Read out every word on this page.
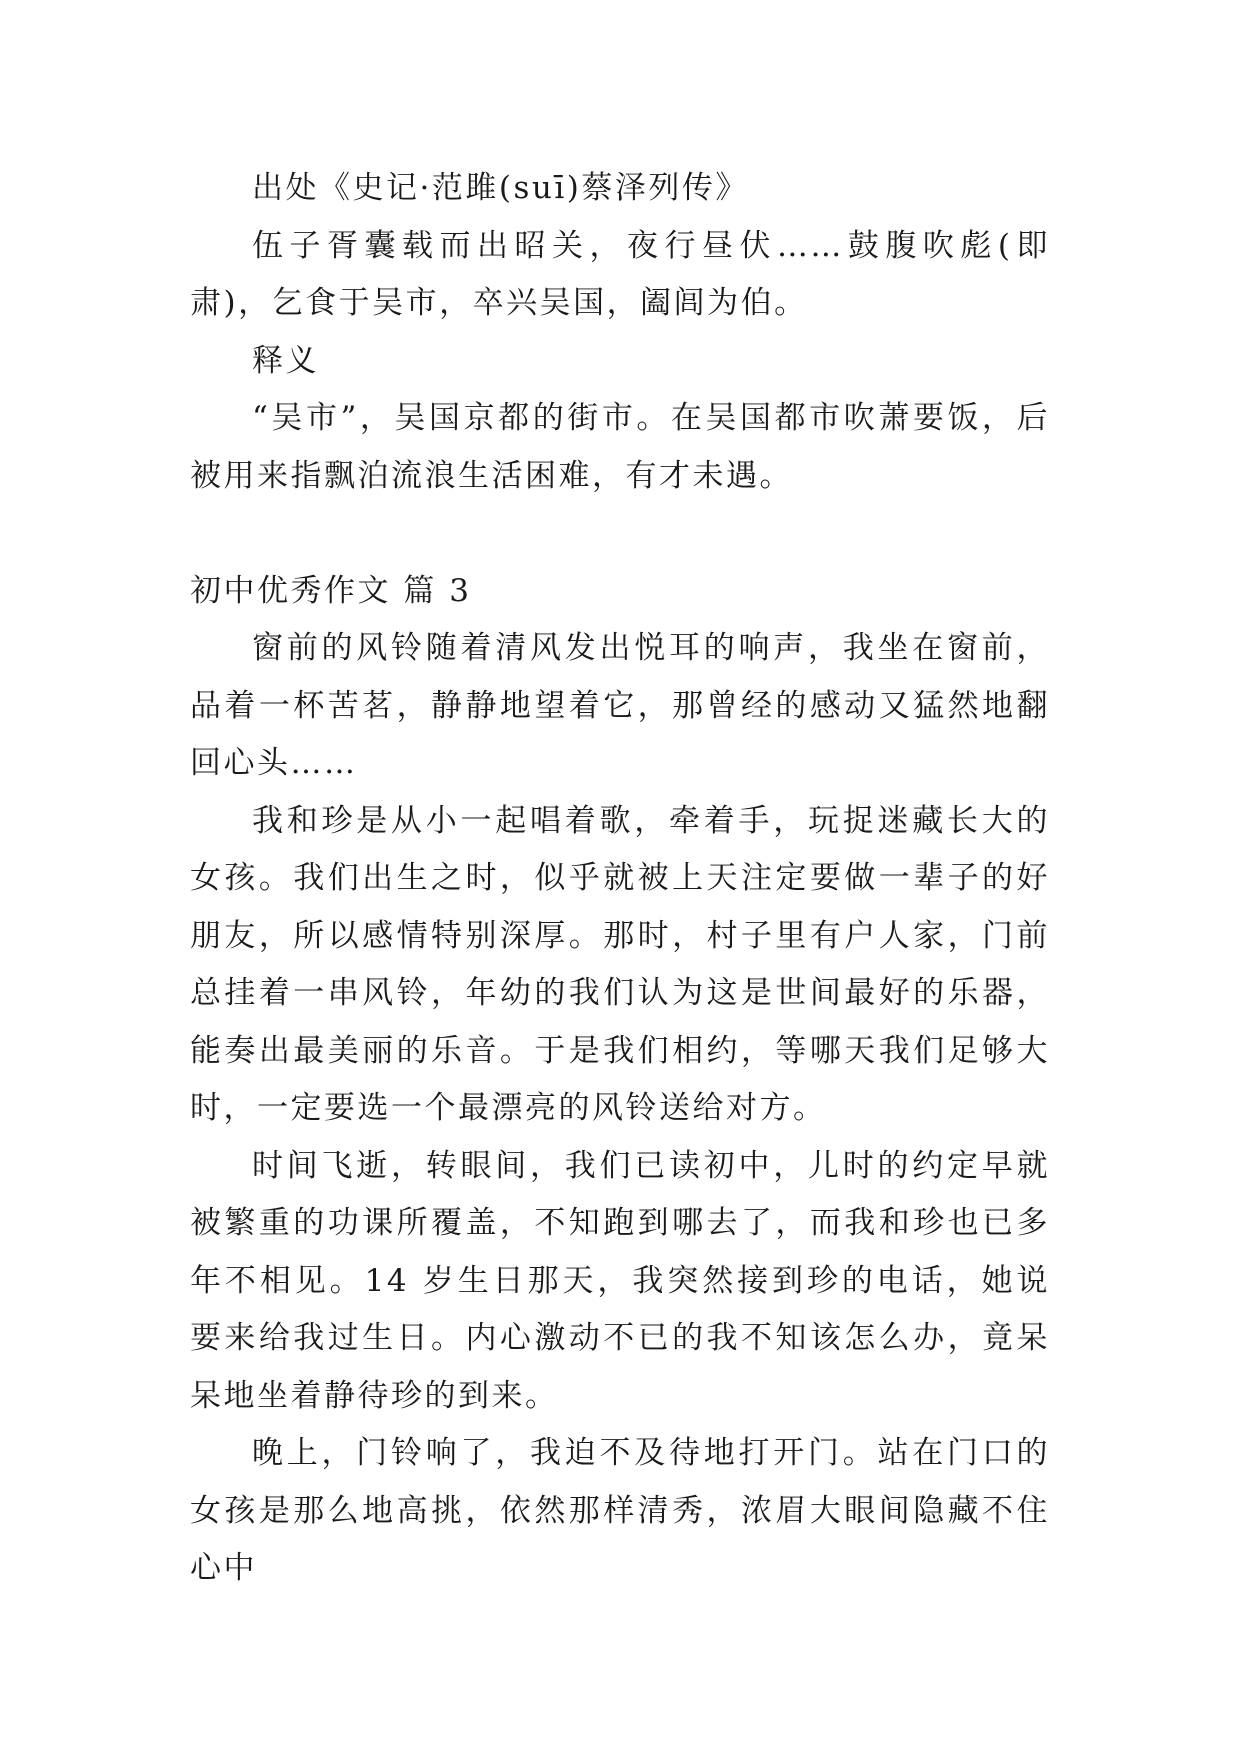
出处《史记·范雎(suī)蔡泽列传》

伍子胥囊载而出昭关，夜行昼伏……鼓腹吹彪(即肃)，乞食于吴市，卒兴吴国，阖闾为伯。

释义

“吴市”，吴国京都的街市。在吴国都市吹萧要饭，后被用来指飘泊流浪生活困难，有才未遇。

初中优秀作文 篇 3

窗前的风铃随着清风发出悦耳的响声，我坐在窗前，品着一杯苦茗，静静地望着它，那曾经的感动又猛然地翻回心头……

我和珍是从小一起唱着歌，牵着手，玩捉迷藏长大的女孩。我们出生之时，似乎就被上天注定要做一辈子的好朋友，所以感情特别深厚。那时，村子里有户人家，门前总挂着一串风铃，年幼的我们认为这是世间最好的乐器，能奏出最美丽的乐音。于是我们相约，等哪天我们足够大时，一定要选一个最漂亮的风铃送给对方。

时间飞逝，转眼间，我们已读初中，儿时的约定早就被繁重的功课所覆盖，不知跑到哪去了，而我和珍也已多年不相见。14 岁生日那天，我突然接到珍的电话，她说要来给我过生日。内心激动不已的我不知该怎么办，竟呆呆地坐着静待珍的到来。

晚上，门铃响了，我迫不及待地打开门。站在门口的女孩是那么地高挑，依然那样清秀，浓眉大眼间隐藏不住心中
